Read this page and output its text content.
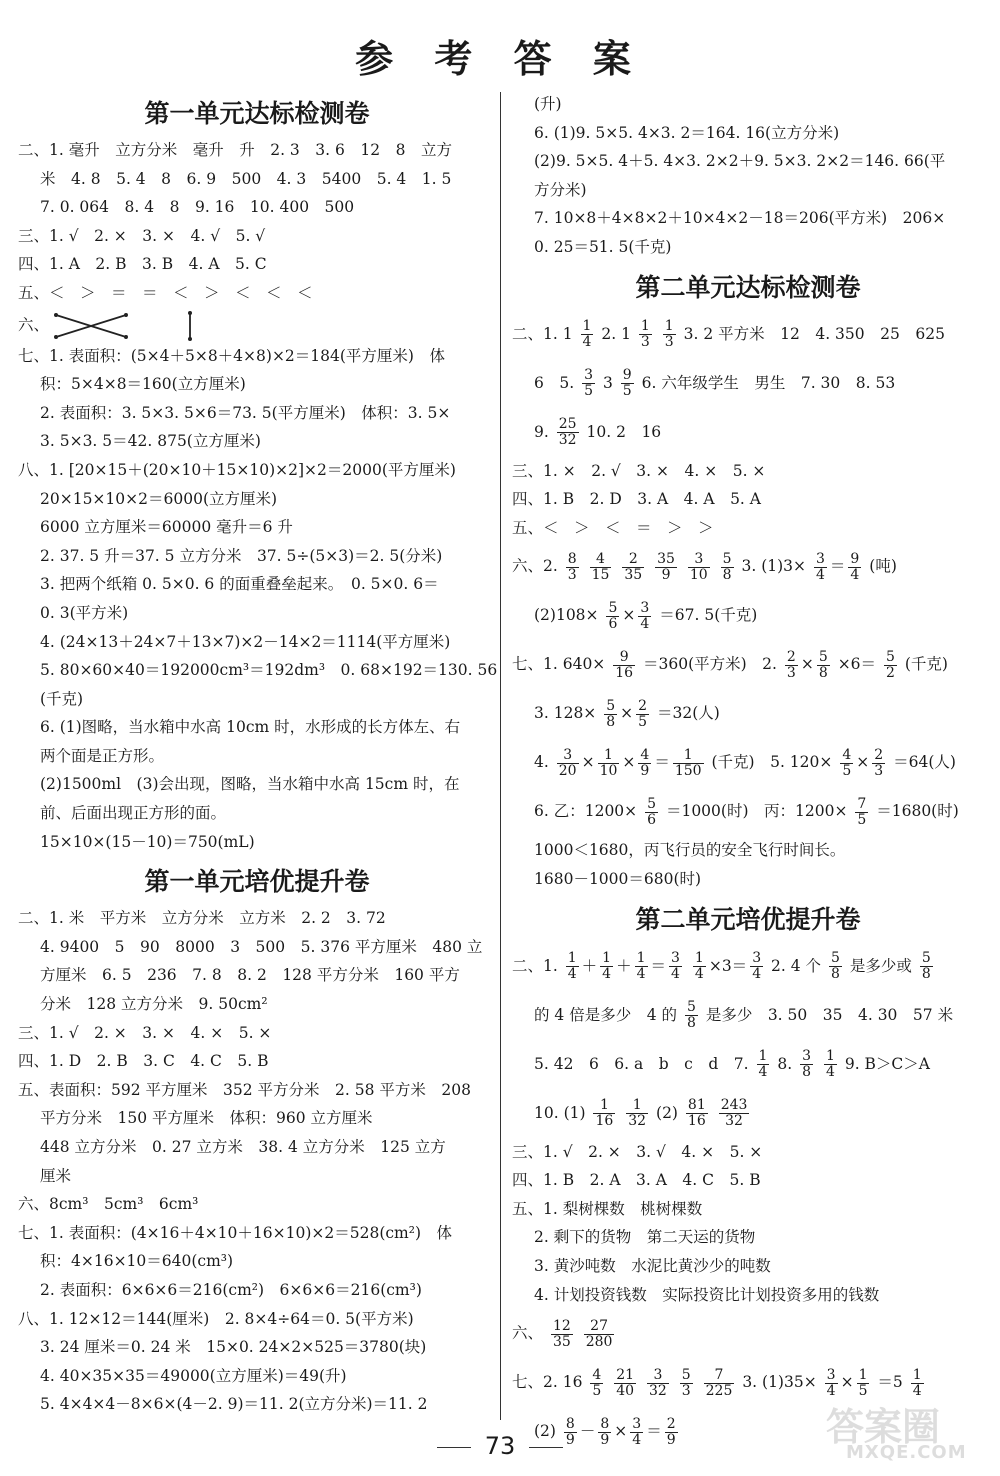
参 考 答 案
第一单元达标检测卷
二、1. 毫升　立方分米　毫升　升　2. 3　3. 6　12　8　立方
米　4. 8　5. 4　8　6. 9　500　4. 3　5400　5. 4　1. 5
7. 0. 064　8. 4　8　9. 16　10. 400　500
三、1. √　2. ×　3. ×　4. √　5. √
四、1. A　2. B　3. B　4. A　5. C
五、＜　＞　＝　＝　＜　＞　＜　＜　＜
六、
七、1. 表面积：(5×4＋5×8＋4×8)×2＝184(平方厘米)　体
积：5×4×8＝160(立方厘米)
2. 表面积：3. 5×3. 5×6＝73. 5(平方厘米)　体积：3. 5×
3. 5×3. 5＝42. 875(立方厘米)
八、1. [20×15＋(20×10＋15×10)×2]×2＝2000(平方厘米)
20×15×10×2＝6000(立方厘米)
6000 立方厘米＝60000 毫升＝6 升
2. 37. 5 升＝37. 5 立方分米　37. 5÷(5×3)＝2. 5(分米)
3. 把两个纸箱 0. 5×0. 6 的面重叠垒起来。　0. 5×0. 6＝
0. 3(平方米)
4. (24×13＋24×7＋13×7)×2－14×2＝1114(平方厘米)
5. 80×60×40＝192000cm³＝192dm³　0. 68×192＝130. 56
(千克)
6. (1)图略，当水箱中水高 10cm 时，水形成的长方体左、右
两个面是正方形。
(2)1500ml　(3)会出现，图略，当水箱中水高 15cm 时，在
前、后面出现正方形的面。
15×10×(15－10)＝750(mL)
第一单元培优提升卷
二、1. 米　平方米　立方分米　立方米　2. 2　3. 72
4. 9400　5　90　8000　3　500　5. 376 平方厘米　480 立
方厘米　6. 5　236　7. 8　8. 2　128 平方分米　160 平方
分米　128 立方分米　9. 50cm²
三、1. √　2. ×　3. ×　4. ×　5. ×
四、1. D　2. B　3. C　4. C　5. B
五、表面积：592 平方厘米　352 平方分米　2. 58 平方米　208
平方分米　150 平方厘米　体积：960 立方厘米
448 立方分米　0. 27 立方米　38. 4 立方分米　125 立方
厘米
六、8cm³　5cm³　6cm³
七、1. 表面积：(4×16＋4×10＋16×10)×2＝528(cm²)　体
积：4×16×10＝640(cm³)
2. 表面积：6×6×6＝216(cm²)　6×6×6＝216(cm³)
八、1. 12×12＝144(厘米)　2. 8×4÷64＝0. 5(平方米)
3. 24 厘米＝0. 24 米　15×0. 24×2×525＝3780(块)
4. 40×35×35＝49000(立方厘米)＝49(升)
5. 4×4×4－8×6×(4－2. 9)＝11. 2(立方分米)＝11. 2
(升)
6. (1)9. 5×5. 4×3. 2＝164. 16(立方分米)
(2)9. 5×5. 4＋5. 4×3. 2×2＋9. 5×3. 2×2＝146. 66(平
方分米)
7. 10×8＋4×8×2＋10×4×2－18＝206(平方米)　206×
0. 25＝51. 5(千克)
第二单元达标检测卷
二、1. $1 \frac{1}{4} 2$. $1 \frac{1}{3}$
$\frac{1}{3} 3$. 2 平方米　12　4. 350　25　625
6　5. $\frac{3}{5} 3 \frac{9}{5} 6$. 六年级学生　男生　7. 30　8. 53
9. $\frac{25}{32} 10$. 2　16
三、1. ×　2. √　3. ×　4. ×　5. ×
四、1. B　2. D　3. A　4. A　5. A
五、＜　＞　＜　＝　＞　＞
六、2. $\frac{8}{3}$
$\frac{4}{15}$
$\frac{2}{35}$
$\frac{35}{9}$
$\frac{3}{10}$
$\frac{5}{8} 3$. $(1)3\times \frac{3}{4} = \frac{9}{4}$ (吨)
$(2)108\times \frac{5}{6} \times \frac{3}{4} =67$. 5(千克)
七、1. $640\times \frac{9}{16} =360$(平方米)　2. $\frac{2}{3} \times \frac{5}{8} \times 6= \frac{5}{2}$ (千克)
3. $128\times \frac{5}{8} \times \frac{2}{5} =32$(人)
4. $\frac{3}{20} \times \frac{1}{10} \times \frac{4}{9} = \frac{1}{150}$ (千克)　5. $120\times \frac{4}{5} \times \frac{2}{3} =64$(人)
6. 乙：$1200\times \frac{5}{6} =1000$(时)　丙：$1200\times \frac{7}{5} =1680$(时)
1000＜1680，丙飞行员的安全飞行时间长。
1680－1000＝680(时)
第二单元培优提升卷
二、1. $\frac{1}{4} + \frac{1}{4} + \frac{1}{4} = \frac{3}{4}$
$\frac{1}{4} \times 3= \frac{3}{4} 2$. 4 个 $\frac{5}{8}$ 是多少或 $\frac{5}{8}$
的 4 倍是多少　4 的 $\frac{5}{8}$ 是多少　3. 50　35　4. 30　57 米
5. 42　6　6. a　b　c　d　7. $\frac{1}{4} 8$. $\frac{3}{8}$
$\frac{1}{4} 9$. B＞C＞A
10. $(1) \frac{1}{16}$
$\frac{1}{32} (2) \frac{81}{16}$
$\frac{243}{32}$
三、1. √　2. ×　3. √　4. ×　5. ×
四、1. B　2. A　3. A　4. C　5. B
五、1. 梨树棵数　桃树棵数
2. 剩下的货物　第二天运的货物
3. 黄沙吨数　水泥比黄沙少的吨数
4. 计划投资钱数　实际投资比计划投资多用的钱数
六、 $\frac{12}{35}$
$\frac{27}{280}$
七、2. $16 \frac{4}{5}$
$\frac{21}{40}$
$\frac{3}{32}$
$\frac{5}{3}$
$\frac{7}{225} 3$. $(1)35\times \frac{3}{4} \times \frac{1}{5} =5 \frac{1}{4}$
$(2) \frac{8}{9} - \frac{8}{9} \times \frac{3}{4} = \frac{2}{9}$
73	答案圈
MXQE.COM
